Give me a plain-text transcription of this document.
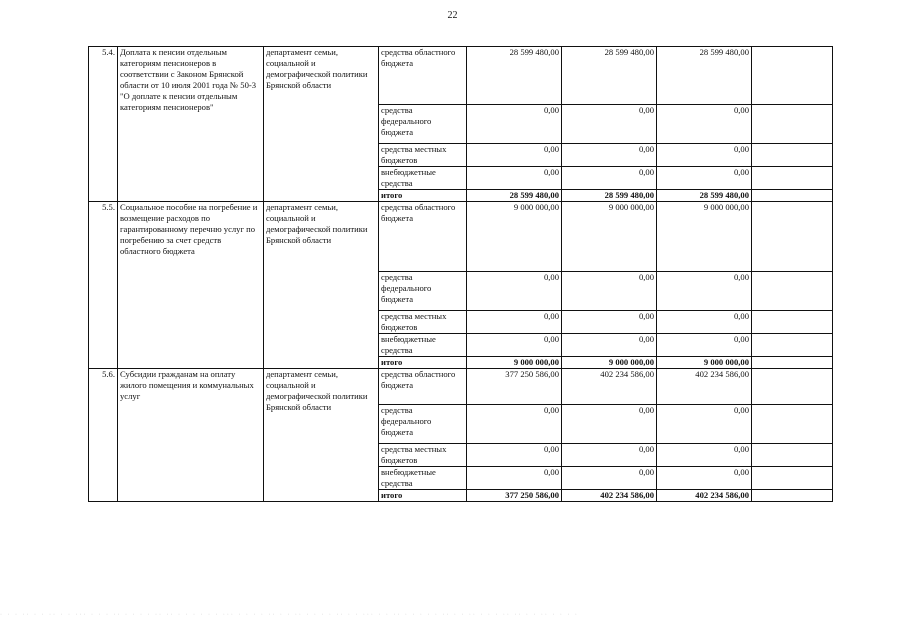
22
5.4.	Доплата к пенсии отдельным категориям пенсионеров в соответствии с Законом Брянской области от 10 июля 2001 года № 50-3 "О доплате к пенсии отдельным категориям пенсионеров"	департамент семьи, социальной и демографической политики Брянской области	средства областного бюджета	28 599 480,00	28 599 480,00	28 599 480,00	
			средства федерального бюджета	0,00	0,00	0,00	
			средства местных бюджетов	0,00	0,00	0,00	
			внебюджетные средства	0,00	0,00	0,00	
			итого	28 599 480,00	28 599 480,00	28 599 480,00	
5.5.	Социальное пособие на погребение и возмещение расходов по гарантированному перечню услуг по погребению за счет средств областного бюджета	департамент семьи, социальной и демографической политики Брянской области	средства областного бюджета	9 000 000,00	9 000 000,00	9 000 000,00	
			средства федерального бюджета	0,00	0,00	0,00	
			средства местных бюджетов	0,00	0,00	0,00	
			внебюджетные средства	0,00	0,00	0,00	
			итого	9 000 000,00	9 000 000,00	9 000 000,00	
5.6.	Субсидии гражданам на оплату жилого помещения и коммунальных услуг	департамент семьи, социальной и демографической политики Брянской области	средства областного бюджета	377 250 586,00	402 234 586,00	402 234 586,00	
			средства федерального бюджета	0,00	0,00	0,00	
			средства местных бюджетов	0,00	0,00	0,00	
			внебюджетные средства	0,00	0,00	0,00	
			итого	377 250 586,00	402 234 586,00	402 234 586,00	
· · · ·· · · ·· · · ··· · · · ·· · · · · ·· ·· · · · · · · ··· · · · · ·· · · ·· · · · · ·· · · ··· · · ·· · · · · · ·· · · ·· · · · ·· ·· · · ·· · · · ·
